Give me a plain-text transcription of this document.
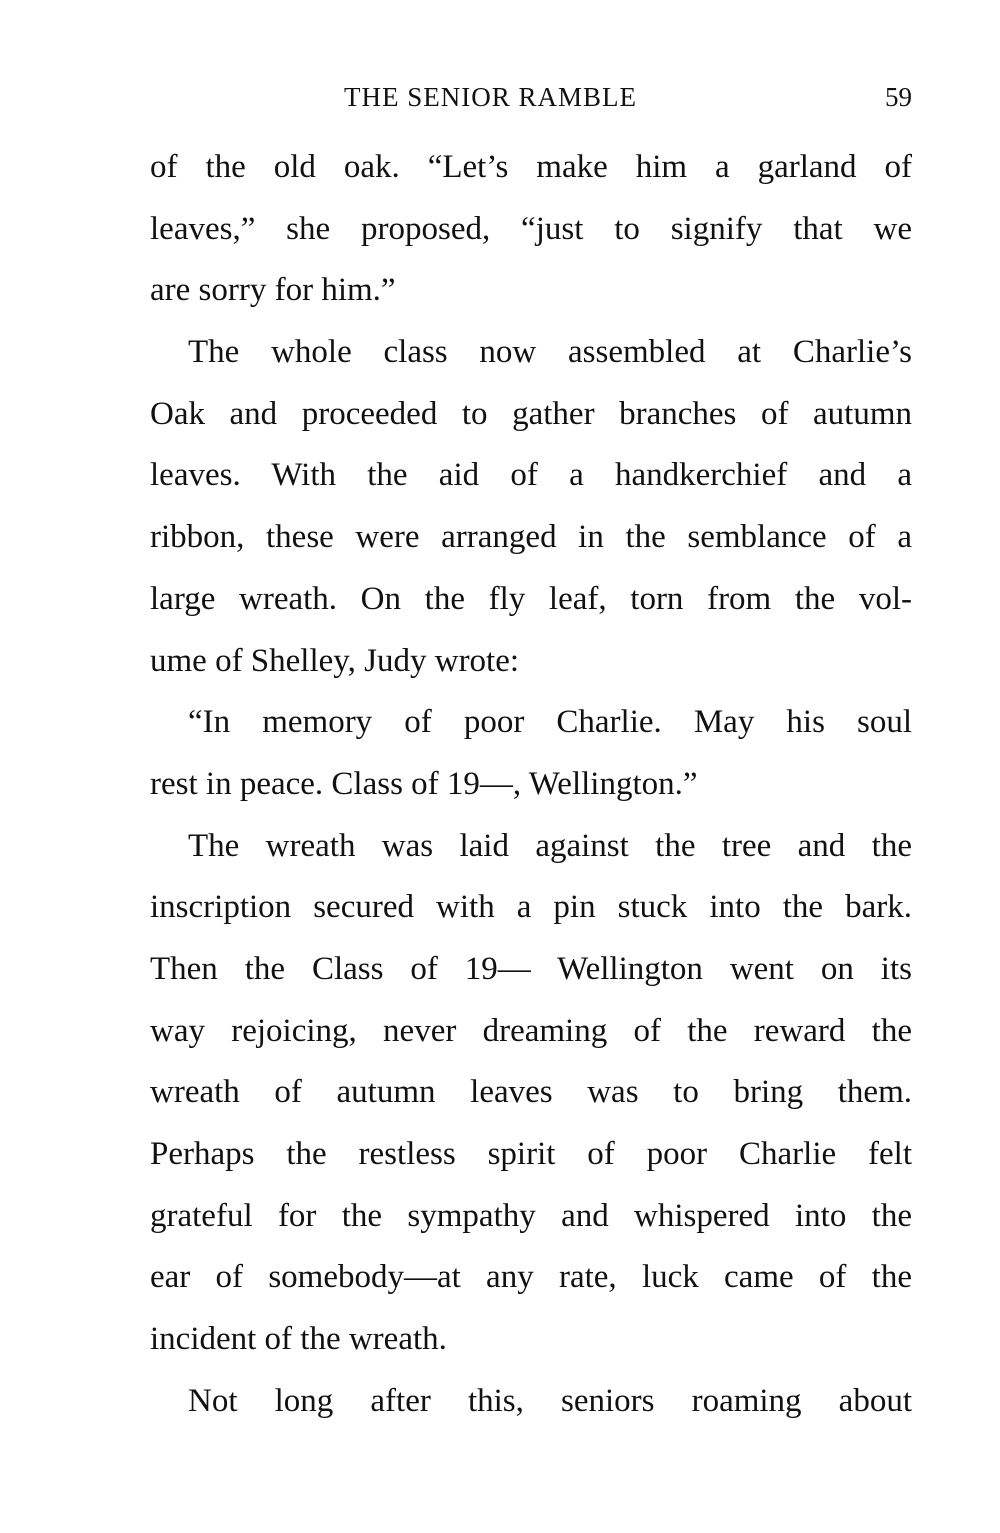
THE SENIOR RAMBLE	59
of the old oak. “Let’s make him a garland of
leaves,” she proposed, “just to signify that we
are sorry for him.”
The whole class now assembled at Charlie’s
Oak and proceeded to gather branches of autumn
leaves. With the aid of a handkerchief and a
ribbon, these were arranged in the semblance of a
large wreath. On the fly leaf, torn from the vol-
ume of Shelley, Judy wrote:
“In memory of poor Charlie. May his soul
rest in peace. Class of 19—, Wellington.”
The wreath was laid against the tree and the
inscription secured with a pin stuck into the bark.
Then the Class of 19— Wellington went on its
way rejoicing, never dreaming of the reward the
wreath of autumn leaves was to bring them.
Perhaps the restless spirit of poor Charlie felt
grateful for the sympathy and whispered into the
ear of somebody—at any rate, luck came of the
incident of the wreath.
Not long after this, seniors roaming about
